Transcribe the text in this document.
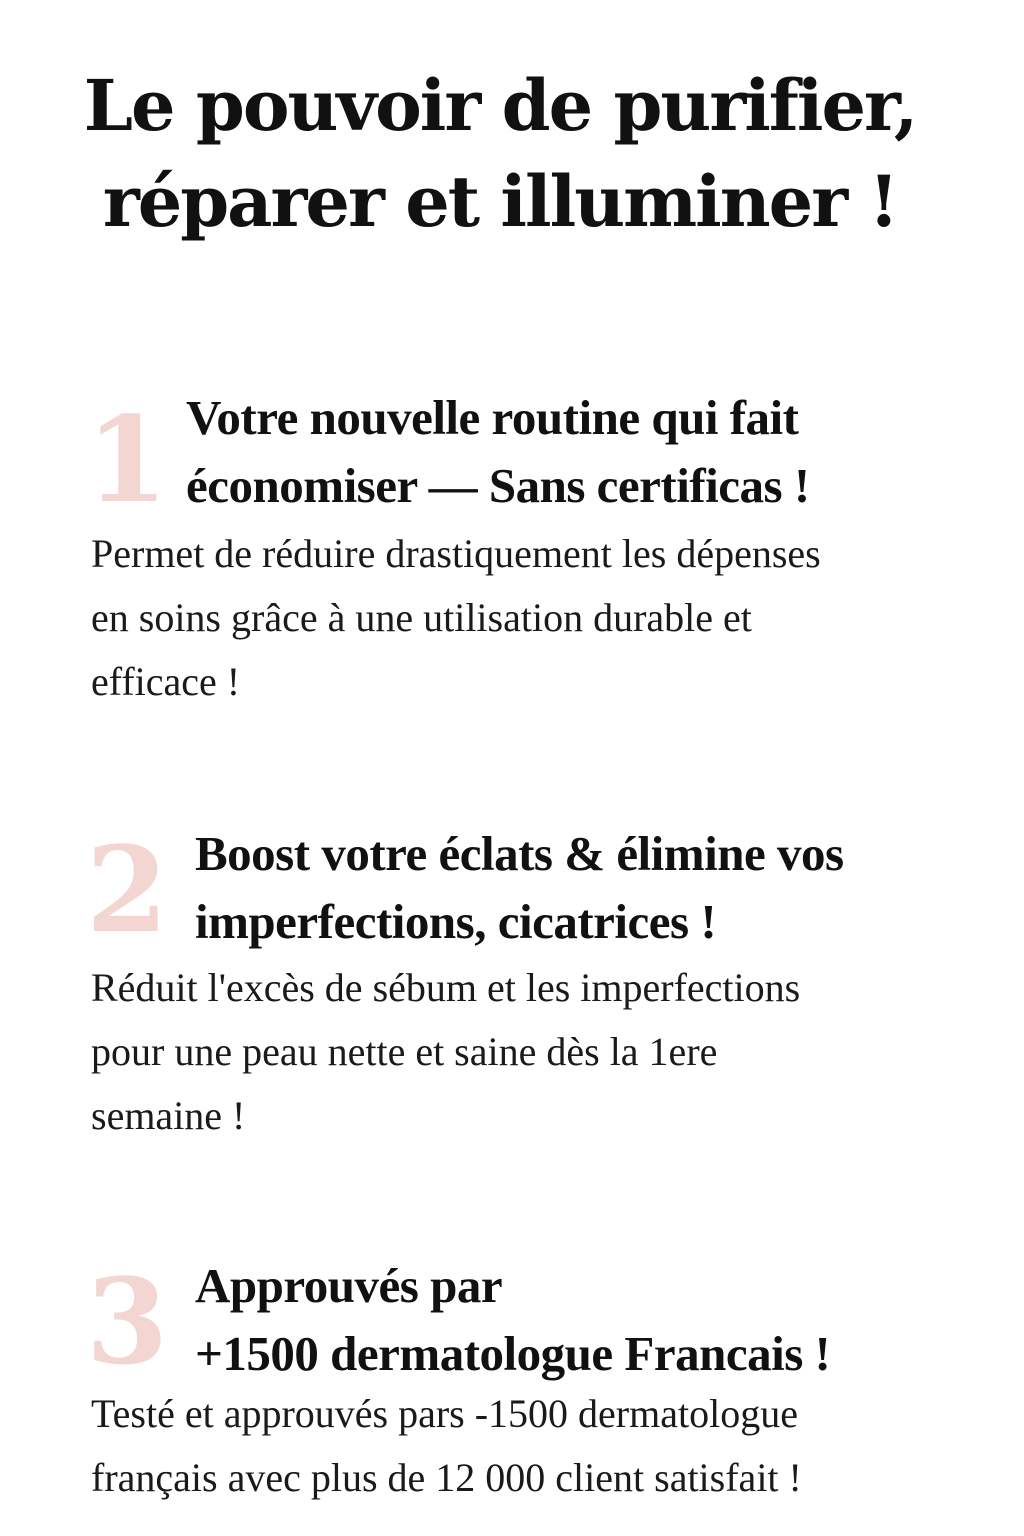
Le pouvoir de purifier,
réparer et illuminer !
1 Votre nouvelle routine qui fait
économiser — Sans certificas !

Permet de réduire drastiquement les dépenses
en soins grâce à une utilisation durable et
efficace !

2 Boost votre éclats & élimine vos
imperfections, cicatrices !

Réduit l'excès de sébum et les imperfections
pour une peau nette et saine dès la 1ere
semaine !

3 Approuvés par
+1500 dermatologue Francais !

Testé et approuvés pars -1500 dermatologue
français avec plus de 12 000 client satisfait !
